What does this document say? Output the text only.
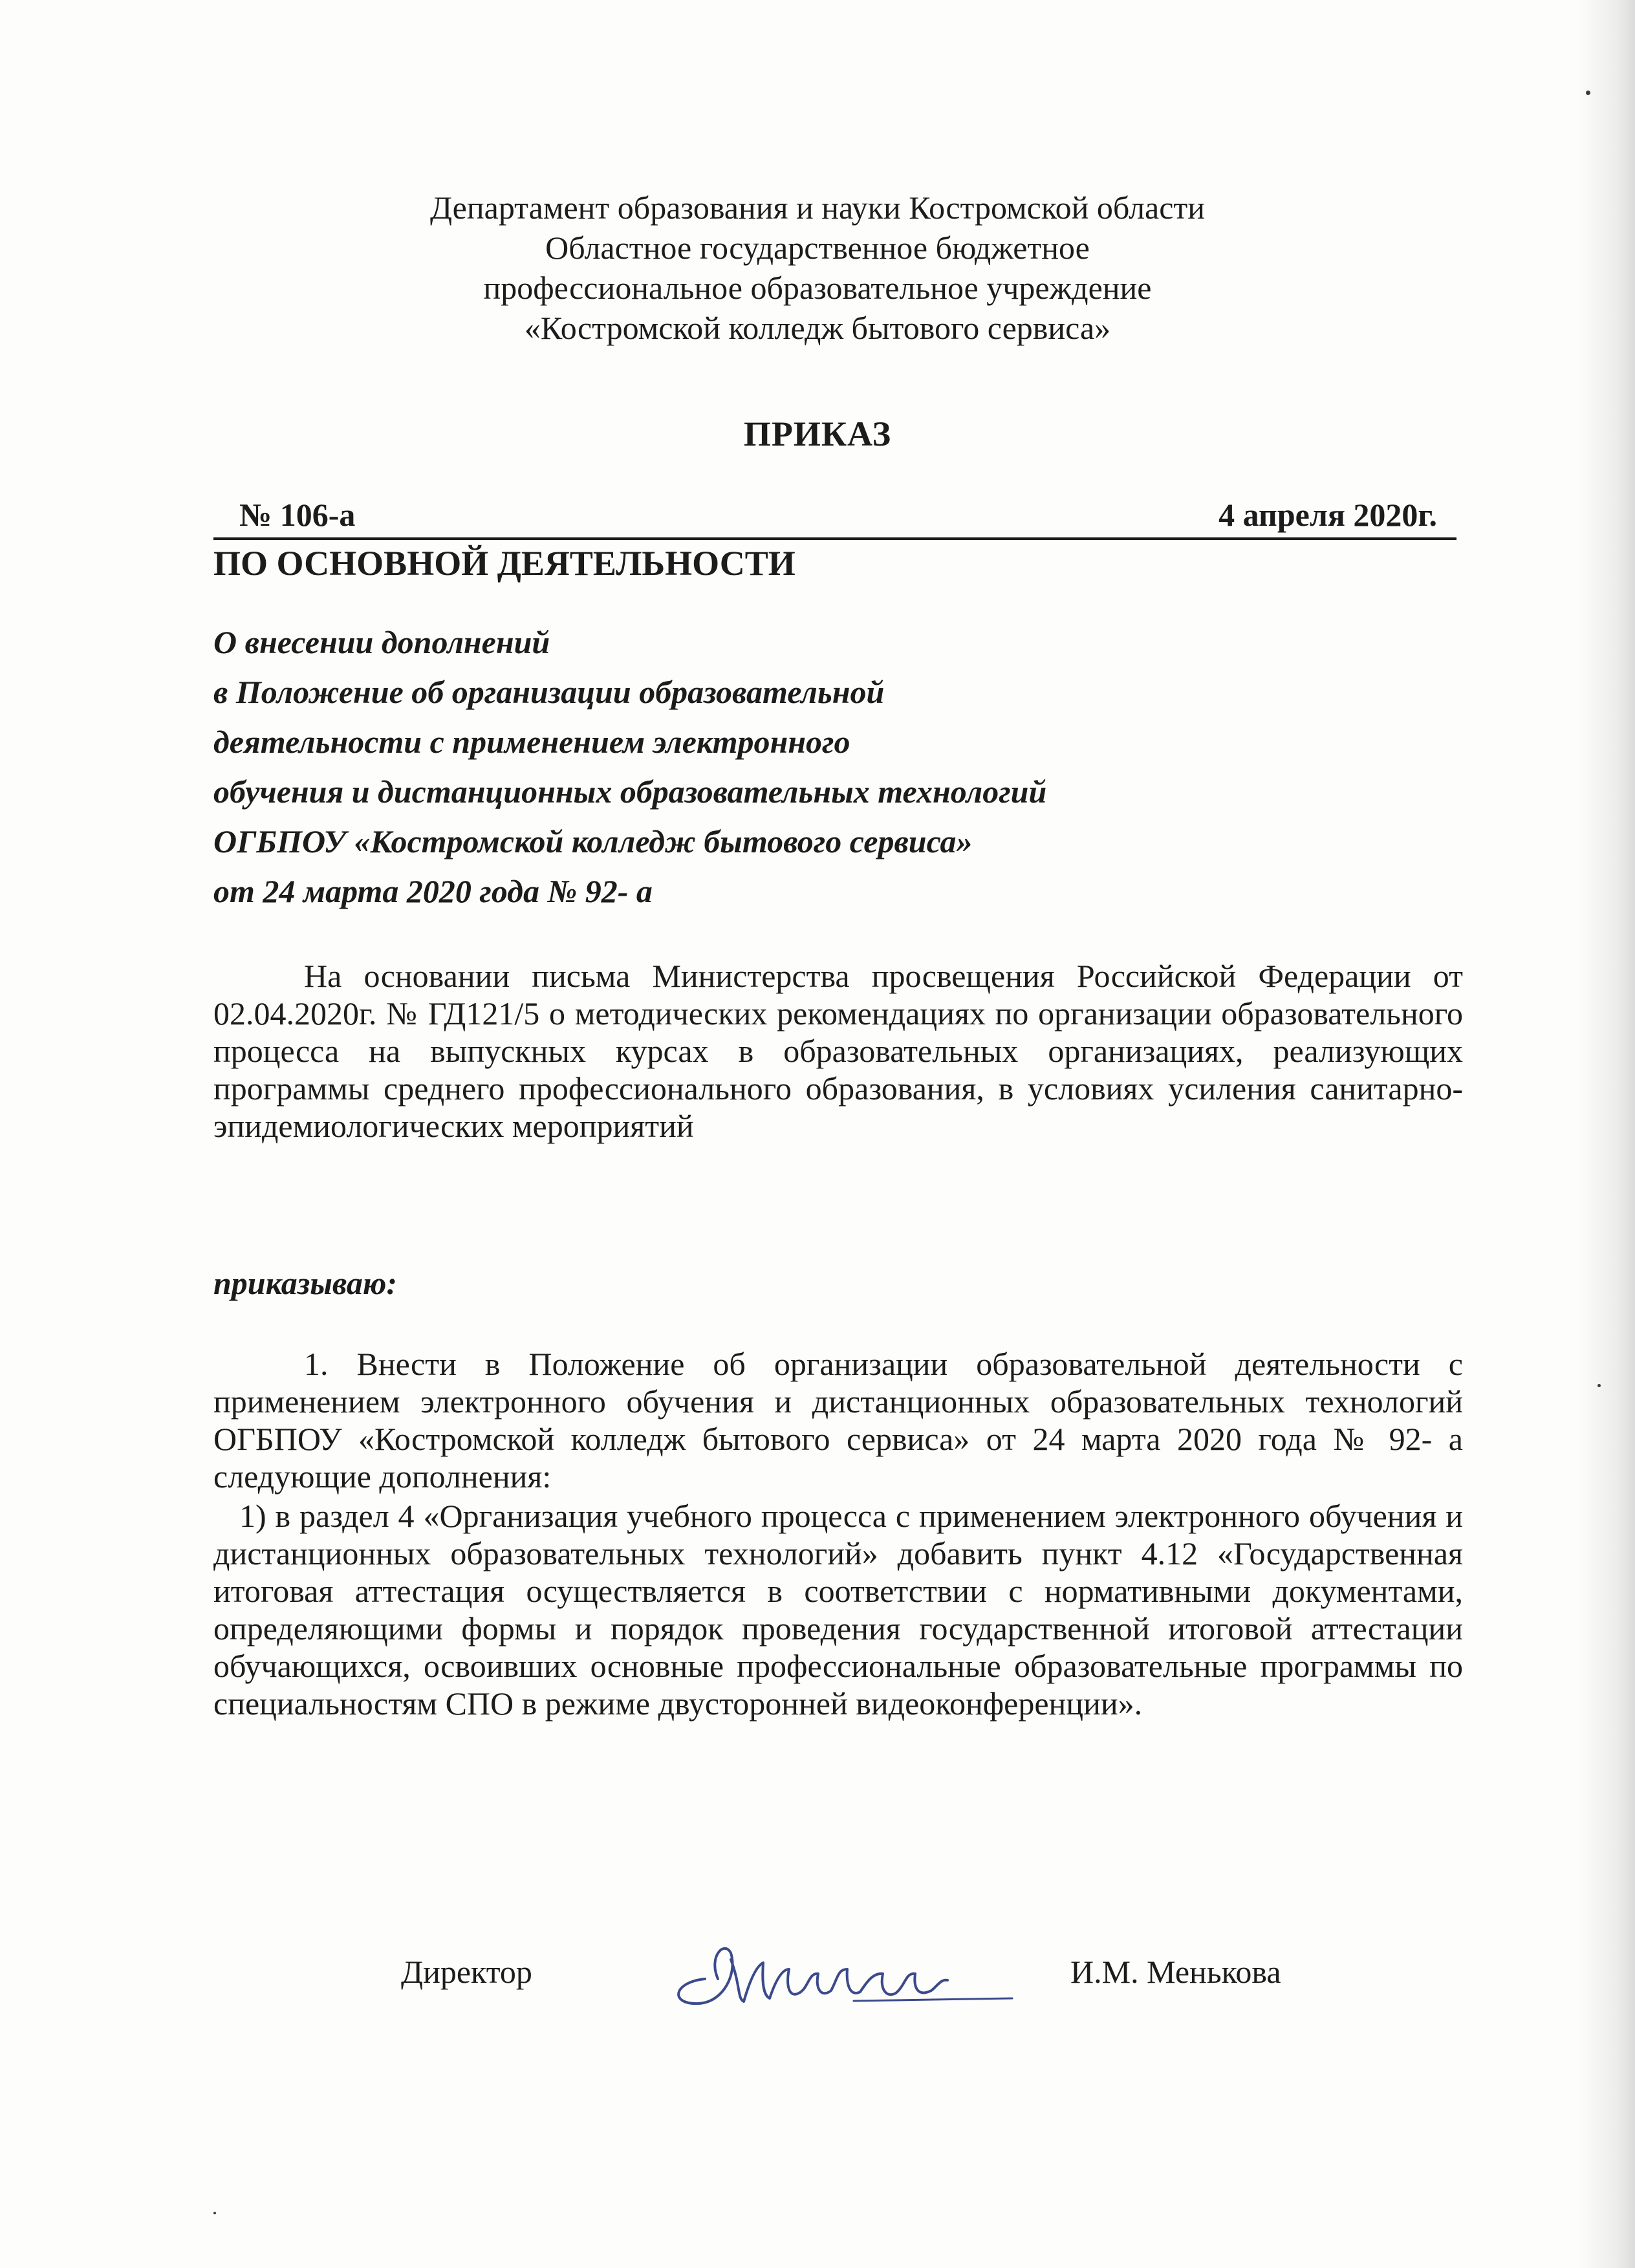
Департамент образования и науки Костромской области
Областное государственное бюджетное
профессиональное образовательное учреждение
«Костромской колледж бытового сервиса»
ПРИКАЗ
№ 106-а	4 апреля 2020г.
ПО ОСНОВНОЙ ДЕЯТЕЛЬНОСТИ
О внесении дополнений
в Положение об организации образовательной
деятельности с применением электронного
обучения и дистанционных образовательных технологий
ОГБПОУ «Костромской колледж бытового сервиса»
от 24 марта 2020 года № 92- а
На основании письма Министерства просвещения Российской Федерации от 02.04.2020г. № ГД121/5 о методических рекомендациях по организации образовательного процесса на выпускных курсах в образовательных организациях, реализующих программы среднего профессионального образования, в условиях усиления санитарно-эпидемиологических мероприятий
приказываю:
1. Внести в Положение об организации образовательной деятельности с применением электронного обучения и дистанционных образовательных технологий ОГБПОУ «Костромской колледж бытового сервиса» от 24 марта 2020 года № 92- а следующие дополнения:
1) в раздел 4 «Организация учебного процесса с применением электронного обучения и дистанционных образовательных технологий» добавить пункт 4.12 «Государственная итоговая аттестация осуществляется в соответствии с нормативными документами, определяющими формы и порядок проведения государственной итоговой аттестации обучающихся, освоивших основные профессиональные образовательные программы по специальностям СПО в режиме двусторонней видеоконференции».
Директор	И.М. Менькова
